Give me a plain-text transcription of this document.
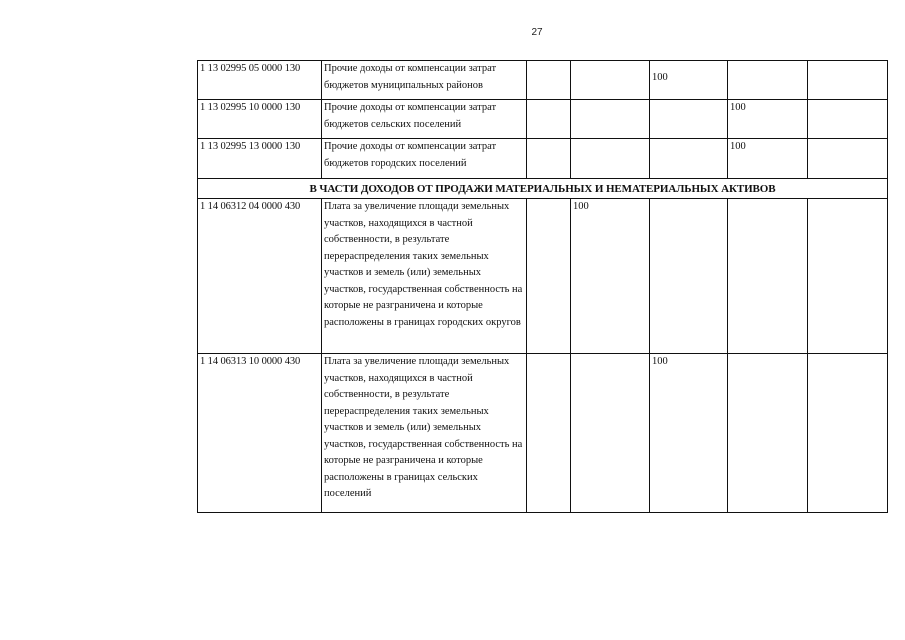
27
1 13 02995 05 0000 130	Прочие доходы от компенсации затрат бюджетов муниципальных районов			100		
1 13 02995 10 0000 130	Прочие доходы от компенсации затрат бюджетов сельских поселений				100	
1 13 02995 13 0000 130	Прочие доходы от компенсации затрат бюджетов городских поселений				100	
В ЧАСТИ ДОХОДОВ ОТ ПРОДАЖИ МАТЕРИАЛЬНЫХ И НЕМАТЕРИАЛЬНЫХ АКТИВОВ						
1 14 06312 04 0000 430	Плата за увеличение площади земельных участков, находящихся в частной собственности, в результате перераспределения таких земельных участков и земель (или) земельных участков, государственная собственность на которые не разграничена и которые расположены в границах городских округов		100			
1 14 06313 10 0000 430	Плата за увеличение площади земельных участков, находящихся в частной собственности, в результате перераспределения таких земельных участков и земель (или) земельных участков, государственная собственность на которые не разграничена и которые расположены в границах сельских поселений			100		
